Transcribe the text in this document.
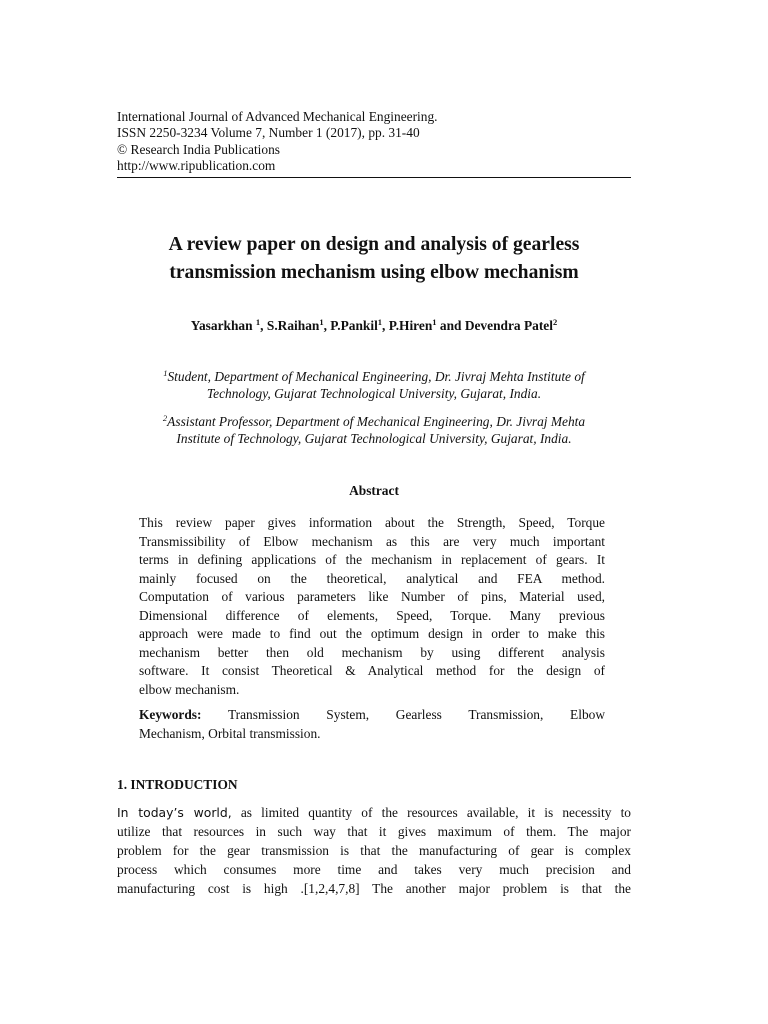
International Journal of Advanced Mechanical Engineering.
ISSN 2250-3234 Volume 7, Number 1 (2017), pp. 31-40
© Research India Publications
http://www.ripublication.com
A review paper on design and analysis of gearless
transmission mechanism using elbow mechanism
Yasarkhan $^1$, S.Raihan$^1$, P.Pankil$^1$, P.Hiren$^1$ and Devendra Patel$^2$
$^1$Student, Department of Mechanical Engineering, Dr. Jivraj Mehta Institute of
Technology, Gujarat Technological University, Gujarat, India.
$^2$Assistant Professor, Department of Mechanical Engineering, Dr. Jivraj Mehta
Institute of Technology, Gujarat Technological University, Gujarat, India.
Abstract
This review paper gives information about the Strength, Speed, Torque
Transmissibility of Elbow mechanism as this are very much important
terms in defining applications of the mechanism in replacement of gears. It
mainly focused on the theoretical, analytical and FEA method.
Computation of various parameters like Number of pins, Material used,
Dimensional difference of elements, Speed, Torque. Many previous
approach were made to find out the optimum design in order to make this
mechanism better then old mechanism by using different analysis
software. It consist Theoretical & Analytical method for the design of
elbow mechanism.
Keywords: Transmission System, Gearless Transmission, Elbow
Mechanism, Orbital transmission.
1. INTRODUCTION
In today’s world, as limited quantity of the resources available, it is necessity to
utilize that resources in such way that it gives maximum of them. The major
problem for the gear transmission is that the manufacturing of gear is complex
process which consumes more time and takes very much precision and
manufacturing cost is high .[1,2,4,7,8] The another major problem is that the
